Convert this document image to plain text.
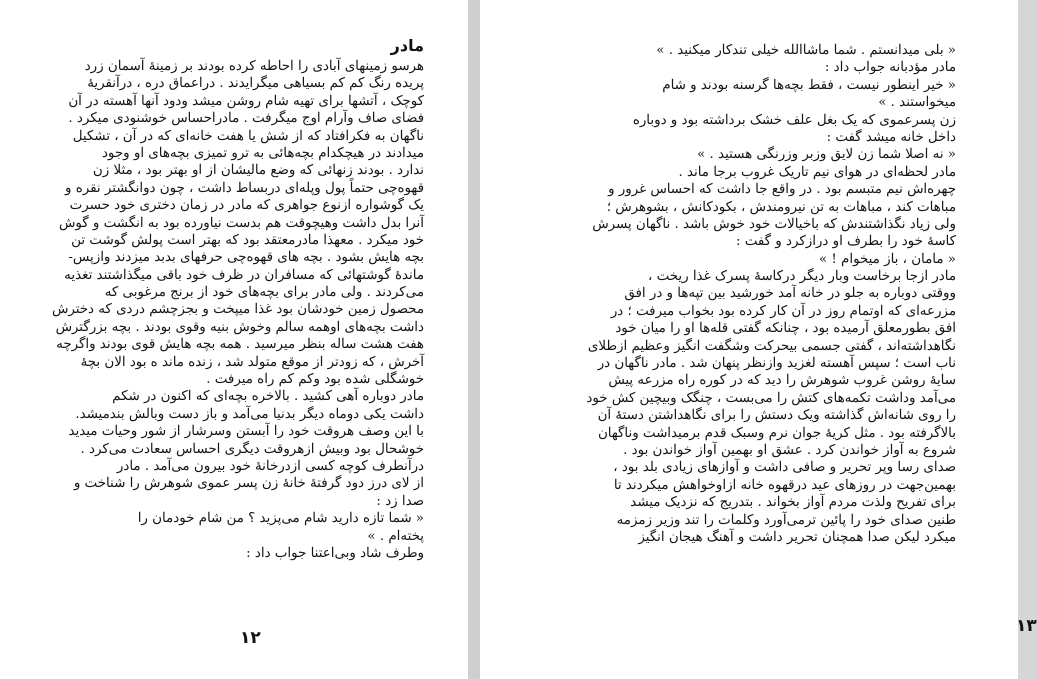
مادر
هرسو زمینهای آبادی را احاطه کرده بودند بر زمینهٔ آسمان زرد
پریده رنگ کم کم بسیاهی میگرایدند . دراعماق دره ، درآنقریهٔ
کوچک ، آتشها برای تهیه شام روشن میشد ودود آنها آهسته در آن
فضای صاف وآرام اوج میگرفت . مادراحساس خوشنودی میکرد .
ناگهان به فکرافتاد که از شش یا هفت خانه‌ای که در آن ، تشکیل
میدادند در هیچکدام بچه‌هائی به ترو تمیزی بچه‌های او وجود
ندارد . بودند زنهائی که وضع مالیشان از او بهتر بود ، مثلا زن
قهوه‌چی حتماً پول وپله‌ای دربساط داشت ، چون دوانگشتر نقره و
یک گوشواره ازنوع جواهری که مادر در زمان دختری خود حسرت
آنرا بدل داشت وهیچوقت هم بدست نیاورده بود به انگشت و گوش
خود میکرد . معهذا مادرمعتقد بود که بهتر است پولش گوشت تن
بچه هایش بشود . بچه های قهوه‌چی حرفهای بدبد میزدند وازپس-
مانده‌ٔ گوشتهائی که مسافران در ظرف خود باقی میگذاشتند تغذیه
می‌کردند . ولی مادر برای بچه‌های خود از برنج مرغوبی که
محصول زمین خودشان بود غذا میپخت و بجزچشم دردی که دخترش
داشت بچه‌های اوهمه سالم وخوش بنیه وقوی بودند . بچه بزرگترش
هفت هشت ساله بنظر میرسید . همه بچه هایش قوی بودند واگرچه
آخرش ، که زودتر از موقع متولد شد ، زنده ماند ه بود الان بچهٔ
خوشگلی شده بود وکم کم راه میرفت .
مادر دوباره آهی کشید . بالاخره بچه‌ای که اکنون در شکم
داشت یکی دوماه دیگر بدنیا می‌آمد و باز دست وبالش بندمیشد.
با این وصف هروقت خود را آبستن وسرشار از شور وحیات میدید
خوشحال بود وبیش ازهروقت دیگری احساس سعادت می‌کرد .
درآنطرف کوچه کسی ازدرخانهٔ خود بیرون می‌آمد . مادر
از لای درز دود گرفتهٔ خانهٔ زن پسر عموی شوهرش را شناخت و
صدا زد :
« شما تازه دارید شام می‌پزید ؟ من شام خودمان را
پخته‌ام . »
وطرف شاد وبی‌اعتنا جواب داد :
۱۲
« بلی میدانستم . شما ماشاالله خیلی تندکار میکنید . »
مادر مؤدبانه جواب داد :
« خیر اینطور نیست ، فقط بچه‌ها گرسنه بودند و شام
میخواستند . »
زن پسرعموی که یک بغل علف خشک برداشته بود و دوباره
داخل خانه میشد گفت :
« نه اصلا شما زن لایق وزبر وزرنگی هستید . »
مادر لحظه‌ای در هوای نیم تاریک غروب برجا ماند .
چهره‌اش نیم متبسم بود . در واقع جا داشت که احساس غرور و
مباهات کند ، مباهات به تن نیرومندش ، بکودکانش ، بشوهرش ؛
ولی زیاد نگذاشتندش که باخیالات خود خوش باشد . ناگهان پسرش
کاسهٔ خود را بطرف او درازکرد و گفت :
« مامان ، باز میخوام ! »
مادر ازجا برخاست وبار دیگر درکاسهٔ پسرک غذا ریخت ،
ووقتی دوباره به جلو در خانه آمد خورشید بین تپه‌ها و در افق
مزرعه‌ای که اوتمام روز در آن کار کرده بود بخواب میرفت ؛ در
افق بطورمعلق آرمیده بود ، چنانکه گفتی قله‌ها او را میان خود
نگاهداشته‌اند ، گفتی جسمی بیحرکت وشگفت انگیز وعظیم ازطلای
ناب است ؛ سپس آهسته لغزید وازنظر پنهان شد . مادر ناگهان در
سایهٔ روشن غروب شوهرش را دید که در کوره راه مزرعه پیش
می‌آمد وداشت تکمه‌های کتش را می‌بست ، چنگک وبیچین کش خود
را روی شانه‌اش گذاشته ویک دستش را برای نگاهداشتن دستهٔ آن
بالاگرفته بود . مثل کریهٔ جوان نرم وسبک قدم برمیداشت وناگهان
شروع به آواز خواندن کرد . عشق او بهمین آواز خواندن بود .
صدای رسا وپر تحریر و صافی داشت و آوازهای زیادی بلد بود ،
بهمین‌جهت در روزهای عید درقهوه خانه ازاوخواهش میکردند تا
برای تفریح ولذت مردم آواز بخواند . بتدریج که نزدیک میشد
طنین صدای خود را پائین ترمی‌آورد وکلمات را تند وزیر زمزمه
میکرد لیکن صدا همچنان تحریر داشت و آهنگ هیجان انگیز
۱۳
